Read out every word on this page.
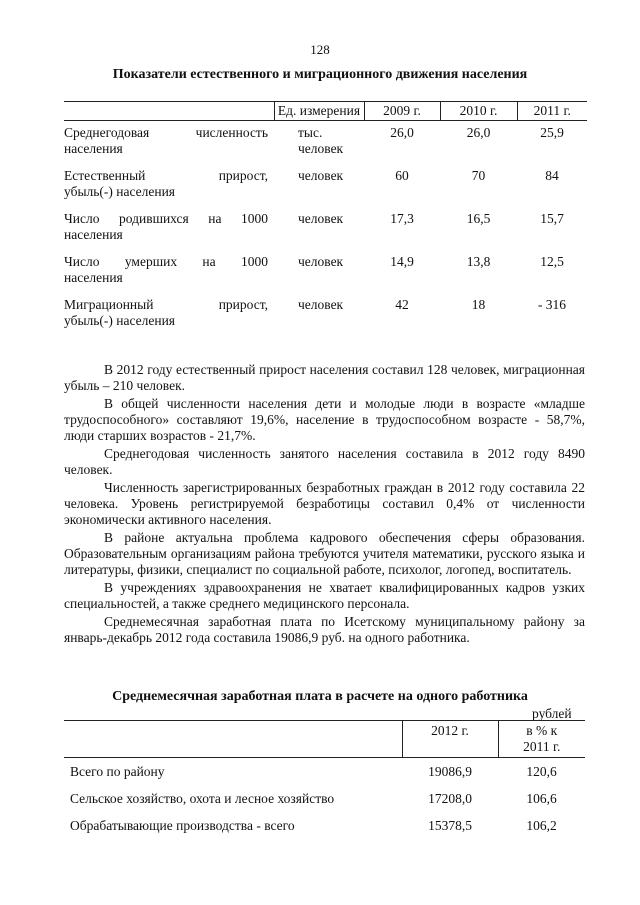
128
Показатели естественного и миграционного движения населения
	Ед. измерения	2009 г.	2010 г.	2011 г.
Среднегодовая численность
населения	тыс. человек	26,0	26,0	25,9
Естественный прирост,
убыль(-) населения	человек	60	70	84
Число родившихся на 1000
населения	человек	17,3	16,5	15,7
Число умерших на 1000
населения	человек	14,9	13,8	12,5
Миграционный прирост,
убыль(-) населения	человек	42	18	- 316

В 2012 году естественный прирост населения составил 128 человек, миграционная убыль – 210 человек.

В общей численности населения дети и молодые люди в возрасте «младше трудоспособного» составляют 19,6%, население в трудоспособном возрасте - 58,7%, люди старших возрастов - 21,7%.

Среднегодовая численность занятого населения составила в 2012 году 8490 человек.

Численность зарегистрированных безработных граждан в 2012 году составила 22 человека. Уровень регистрируемой безработицы составил 0,4% от численности экономически активного населения.

В районе актуальна проблема кадрового обеспечения сферы образования. Образовательным организациям района требуются учителя математики, русского языка и литературы, физики, специалист по социальной работе, психолог, логопед, воспитатель.

В учреждениях здравоохранения не хватает квалифицированных кадров узких специальностей, а также среднего медицинского персонала.

Среднемесячная заработная плата по Исетскому муниципальному району за январь-декабрь 2012 года составила 19086,9 руб. на одного работника.

Среднемесячная заработная плата в расчете на одного работника
рублей
	2012 г.	в % к
2011 г.
Всего по району	19086,9	120,6
Сельское хозяйство, охота и лесное хозяйство	17208,0	106,6
Обрабатывающие производства - всего	15378,5	106,2
